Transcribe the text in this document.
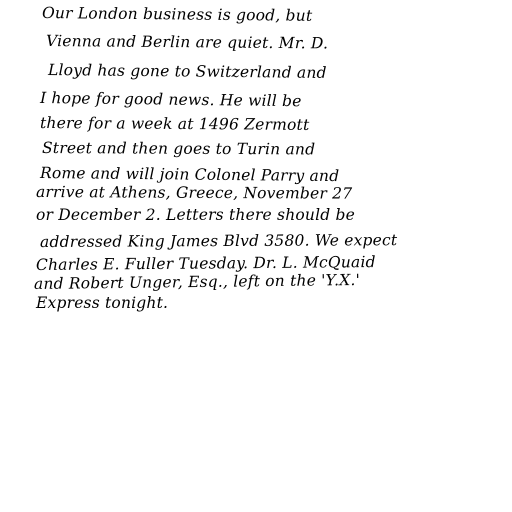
Our London business is good, but
Vienna and Berlin are quiet. Mr. D.
Lloyd has gone to Switzerland and
I hope for good news. He will be
there for a week at 1496 Zermott
Street and then goes to Turin and
Rome and will join Colonel Parry and
arrive at Athens, Greece, November 27
or December 2. Letters there should be
addressed King James Blvd 3580. We expect
Charles E. Fuller Tuesday. Dr. L. McQuaid
and Robert Unger, Esq., left on the 'Y.X.'
Express tonight.
